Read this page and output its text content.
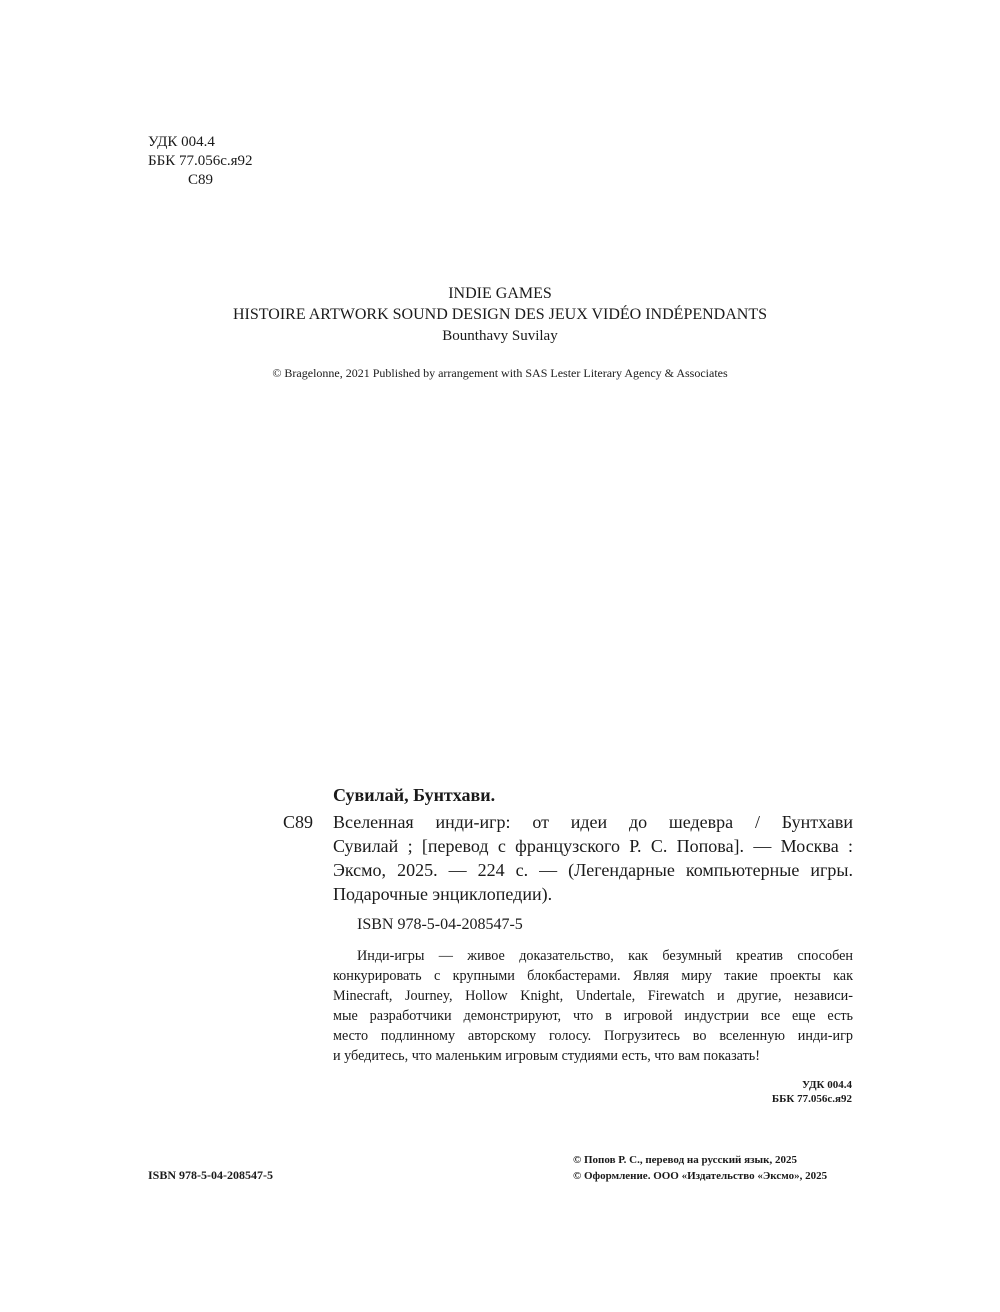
УДК 004.4
ББК 77.056с.я92
С89
INDIE GAMES
HISTOIRE ARTWORK SOUND DESIGN DES JEUX VIDÉO INDÉPENDANTS
Bounthavy Suvilay
© Bragelonne, 2021 Published by arrangement with SAS Lester Literary Agency & Associates
Сувилай, Бунтхави.
С89 Вселенная инди-игр: от идеи до шедевра / Бунтхави
Сувилай ; [перевод с французского Р. С. Попова]. — Москва :
Эксмо, 2025. — 224 с. — (Легендарные компьютерные игры.
Подарочные энциклопедии).
ISBN 978-5-04-208547-5
Инди-игры — живое доказательство, как безумный креатив способен
конкурировать с крупными блокбастерами. Являя миру такие проекты как
Minecraft, Journey, Hollow Knight, Undertale, Firewatch и другие, независи-
мые разработчики демонстрируют, что в игровой индустрии все еще есть
место подлинному авторскому голосу. Погрузитесь во вселенную инди-игр
и убедитесь, что маленьким игровым студиями есть, что вам показать!
УДК 004.4
ББК 77.056с.я92
ISBN 978-5-04-208547-5
© Попов Р. С., перевод на русский язык, 2025
© Оформление. ООО «Издательство «Эксмо», 2025
